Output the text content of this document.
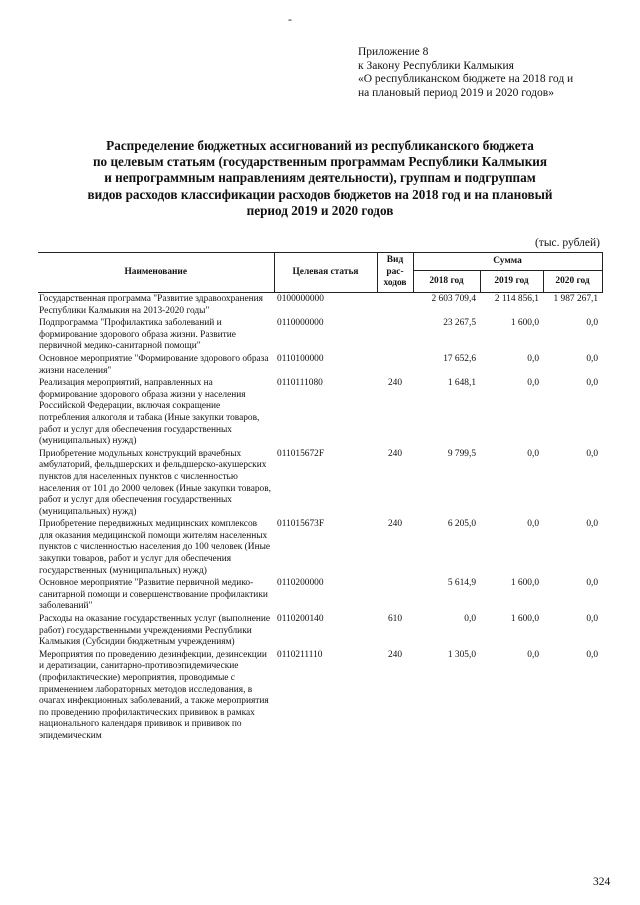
-
Приложение 8
к Закону Республики Калмыкия
«О республиканском бюджете на 2018 год и
на плановый период 2019 и 2020 годов»
Распределение бюджетных ассигнований из республиканского бюджета
по целевым статьям (государственным программам Республики Калмыкия
и непрограммным направлениям деятельности), группам и подгруппам
видов расходов классификации расходов бюджетов на 2018 год и на плановый
период 2019 и 2020 годов
(тыс. рублей)
Наименование	Целевая статья	Вид рас-ходов	Сумма		
			2018 год	2019 год	2020 год
Государственная программа "Развитие здравоохранения Республики Калмыкия на 2013-2020 годы"	0100000000		2 603 709,4	2 114 856,1	1 987 267,1
Подпрограмма "Профилактика заболеваний и формирование здорового образа жизни. Развитие первичной медико-санитарной помощи"	0110000000		23 267,5	1 600,0	0,0
Основное мероприятие "Формирование здорового образа жизни населения"	0110100000		17 652,6	0,0	0,0
Реализация мероприятий, направленных на формирование здорового образа жизни у населения Российской Федерации, включая сокращение потребления алкоголя и табака (Иные закупки товаров, работ и услуг для обеспечения государственных (муниципальных) нужд)	0110111080	240	1 648,1	0,0	0,0
Приобретение модульных конструкций врачебных амбулаторий, фельдшерских и фельдшерско-акушерских пунктов для населенных пунктов с численностью населения от 101 до 2000 человек (Иные закупки товаров, работ и услуг для обеспечения государственных (муниципальных) нужд)	011015672F	240	9 799,5	0,0	0,0
Приобретение передвижных медицинских комплексов для оказания медицинской помощи жителям населенных пунктов с численностью населения до 100 человек (Иные закупки товаров, работ и услуг для обеспечения государственных (муниципальных) нужд)	011015673F	240	6 205,0	0,0	0,0
Основное мероприятие "Развитие первичной медико-санитарной помощи и совершенствование профилактики заболеваний"	0110200000		5 614,9	1 600,0	0,0
Расходы на оказание государственных услуг (выполнение работ) государственными учреждениями Республики Калмыкия (Субсидии бюджетным учреждениям)	0110200140	610	0,0	1 600,0	0,0
Мероприятия по проведению дезинфекции, дезинсекции и дератизации, санитарно-противоэпидемические (профилактические) мероприятия, проводимые с применением лабораторных методов исследования, в очагах инфекционных заболеваний, а также мероприятия по проведению профилактических прививок в рамках национального календаря прививок и прививок по эпидемическим	0110211110	240	1 305,0	0,0	0,0
324
